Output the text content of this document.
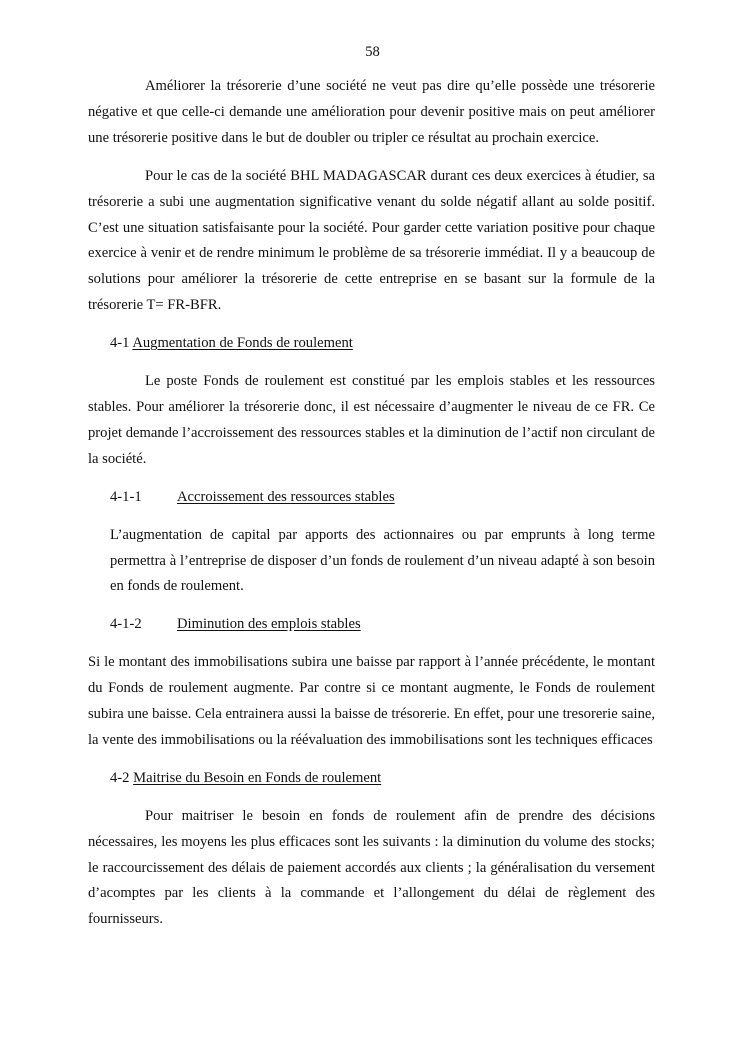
58

Améliorer la trésorerie d’une société ne veut pas dire qu’elle possède une trésorerie négative et que celle-ci demande une amélioration pour devenir positive mais on peut améliorer une trésorerie positive dans le but de doubler ou tripler ce résultat au prochain exercice.

Pour le cas de la société BHL MADAGASCAR durant ces deux exercices à étudier, sa trésorerie a subi une augmentation significative venant du solde négatif allant au solde positif. C’est une situation satisfaisante pour la société. Pour garder cette variation positive pour chaque exercice à venir et de rendre minimum le problème de sa trésorerie immédiat. Il y a beaucoup de solutions pour améliorer la trésorerie de cette entreprise en se basant sur la formule de la trésorerie T= FR-BFR.

4-1 Augmentation de Fonds de roulement

Le poste Fonds de roulement est constitué par les emplois stables et les ressources stables. Pour améliorer la trésorerie donc, il est nécessaire d’augmenter le niveau de ce FR. Ce projet demande l’accroissement des ressources stables et la diminution de l’actif non circulant de la société.

4-1-1	Accroissement des ressources stables

L’augmentation de capital par apports des actionnaires ou par emprunts à long terme permettra à l’entreprise de disposer d’un fonds de roulement d’un niveau adapté à son besoin en fonds de roulement.

4-1-2	Diminution des emplois stables

Si le montant des immobilisations subira une baisse par rapport à l’année précédente, le montant du Fonds de roulement augmente. Par contre si ce montant augmente, le Fonds de roulement subira une baisse. Cela entrainera aussi la baisse de trésorerie. En effet, pour une tresorerie saine, la vente des immobilisations ou la réévaluation des immobilisations sont les techniques efficaces

4-2 Maitrise du Besoin en Fonds de roulement

Pour maitriser le besoin en fonds de roulement afin de prendre des décisions nécessaires, les moyens les plus efficaces sont les suivants : la diminution du volume des stocks; le raccourcissement des délais de paiement accordés aux clients ; la généralisation du versement d’acomptes par les clients à la commande et l’allongement du délai de règlement des fournisseurs.
